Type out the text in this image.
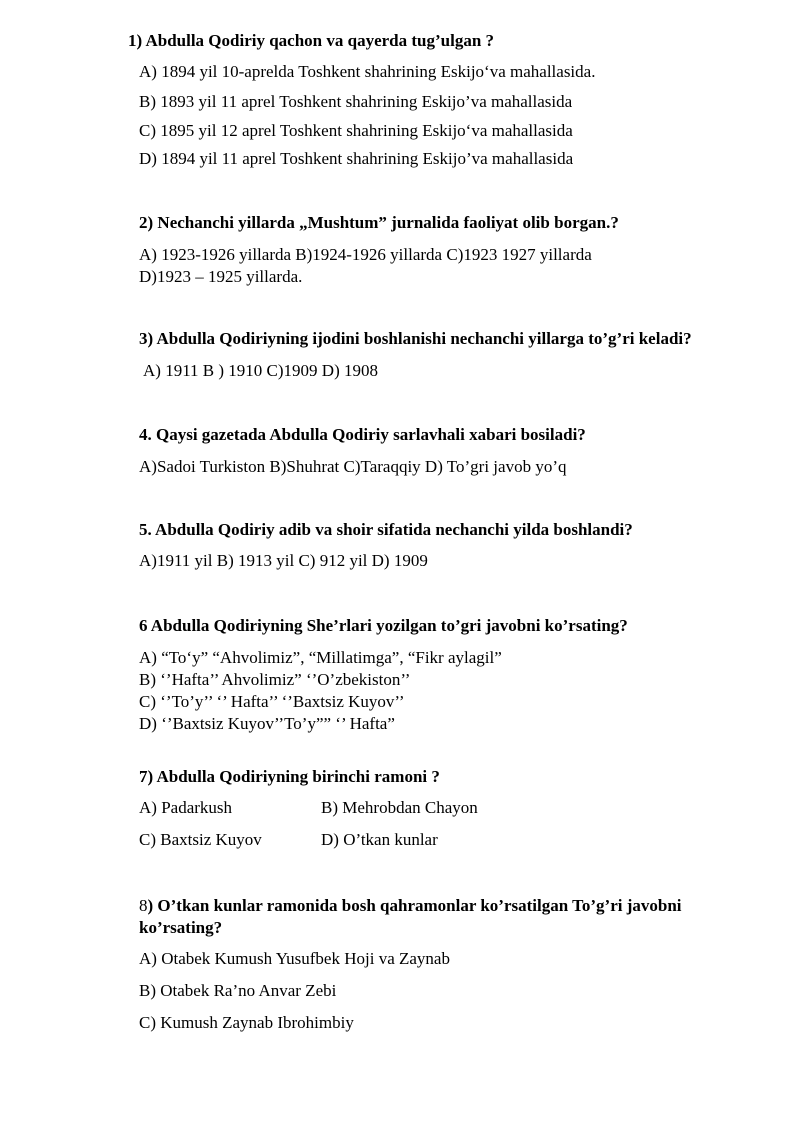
1) Abdulla Qodiriy qachon va qayerda tug’ulgan ?
A) 1894 yil 10-aprelda Toshkent shahrining Eskijo‘va mahallasida.
B) 1893 yil 11 aprel Toshkent shahrining Eskijo’va mahallasida
C) 1895 yil 12 aprel Toshkent shahrining Eskijo‘va mahallasida
D) 1894 yil 11 aprel Toshkent shahrining Eskijo’va mahallasida
2) Nechanchi yillarda „Mushtum” jurnalida faoliyat olib borgan.?
A) 1923-1926 yillarda B)1924-1926 yillarda C)1923 1927 yillarda
D)1923 – 1925 yillarda.
3) Abdulla Qodiriyning ijodini boshlanishi nechanchi yillarga to’g’ri keladi?
A) 1911 B ) 1910 C)1909 D) 1908
4. Qaysi gazetada Abdulla Qodiriy sarlavhali xabari bosiladi?
A)Sadoi Turkiston B)Shuhrat C)Taraqqiy D) To’gri javob yo’q
5. Abdulla Qodiriy adib va shoir sifatida nechanchi yilda boshlandi?
A)1911 yil B) 1913 yil C) 912 yil D) 1909
6 Abdulla Qodiriyning She’rlari yozilgan to’gri javobni ko’rsating?
A) “To‘y” “Ahvolimiz”, “Millatimga”, “Fikr aylagil”
B) ‘’Hafta’’ Ahvolimiz” ‘’O’zbekiston’’
C) ‘’To’y’’ ‘’ Hafta’’ ‘’Baxtsiz Kuyov’’
D) ‘’Baxtsiz Kuyov’’To’y”” ‘’ Hafta”
7) Abdulla Qodiriyning birinchi ramoni ?
A) Padarkush	B) Mehrobdan Chayon
C) Baxtsiz Kuyov	D) O’tkan kunlar
8) O’tkan kunlar ramonida bosh qahramonlar ko’rsatilgan To’g’ri javobni ko’rsating?
A) Otabek Kumush Yusufbek Hoji va Zaynab
B) Otabek Ra’no Anvar Zebi
C) Kumush Zaynab Ibrohimbiy
